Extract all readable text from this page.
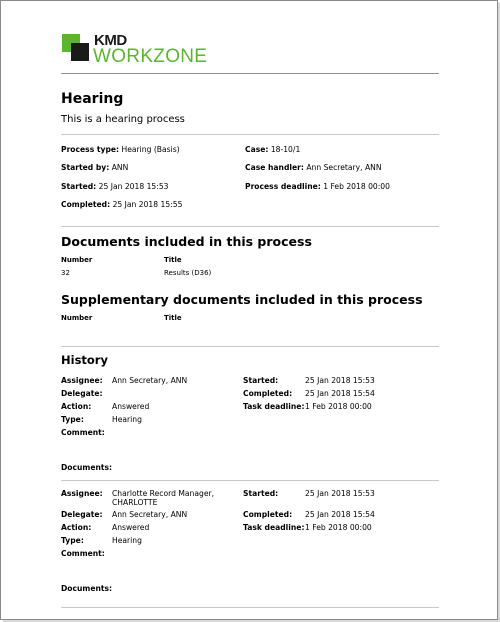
KMD
WORKZONE
Hearing
This is a hearing process
Process type: Hearing (Basis)
Started by: ANN
Started: 25 Jan 2018 15:53
Completed: 25 Jan 2018 15:55
Case: 18-10/1
Case handler: Ann Secretary, ANN
Process deadline: 1 Feb 2018 00:00
Documents included in this process
Number	Title
32	Results (D36)
Supplementary documents included in this process
Number	Title
History
Assignee: Ann Secretary, ANN
Delegate:
Action:	Answered
Type:	Hearing
Comment:
Started:	25 Jan 2018 15:53
Completed: 25 Jan 2018 15:54
Task deadline: 1 Feb 2018 00:00
Documents:
Assignee: Charlotte Record Manager,
CHARLOTTE
Delegate: Ann Secretary, ANN
Action:	Answered
Type:	Hearing
Comment:
Started:	25 Jan 2018 15:53
Completed: 25 Jan 2018 15:54
Task deadline: 1 Feb 2018 00:00
Documents:
